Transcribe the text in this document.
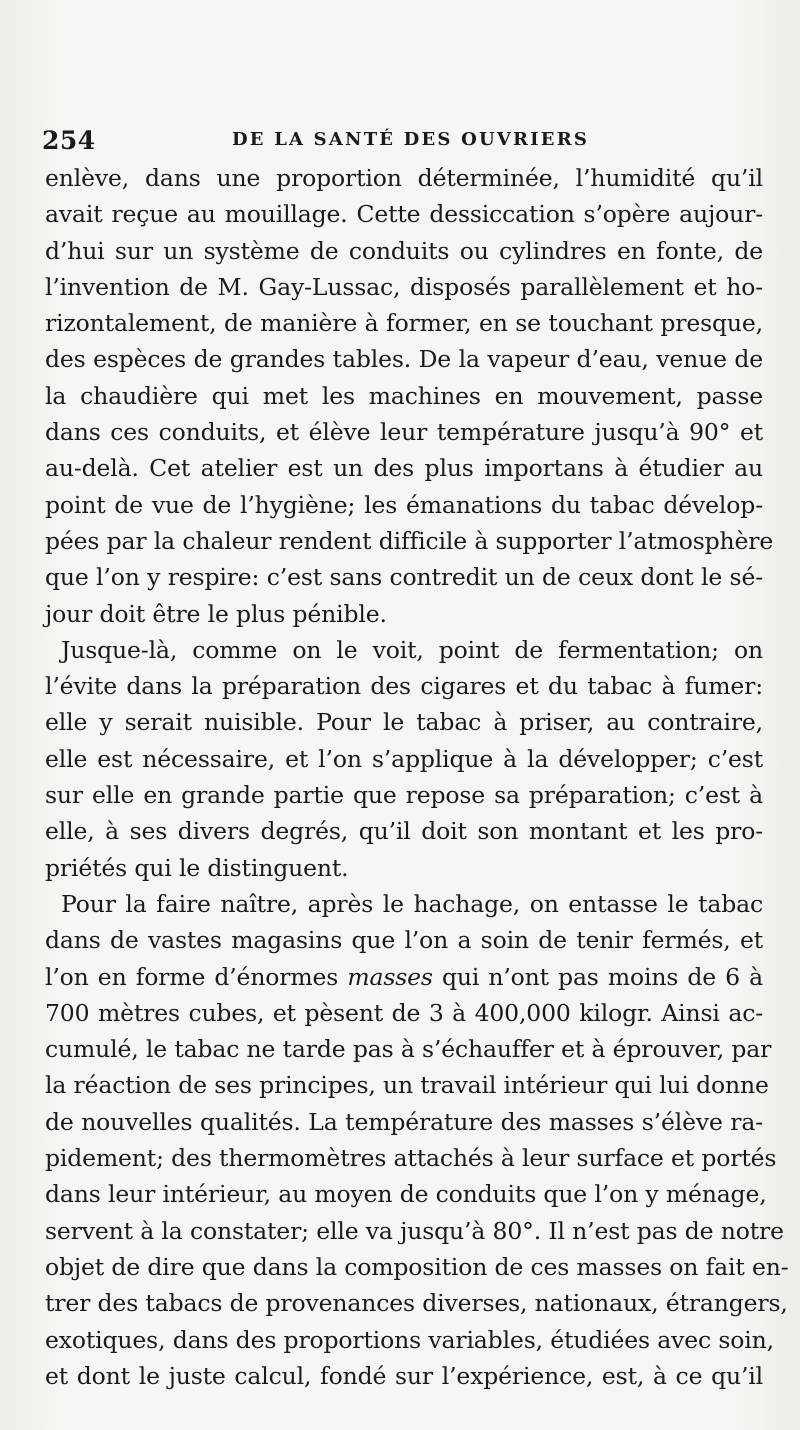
254	DE LA SANTÉ DES OUVRIERS
enlève, dans une proportion déterminée, l’humidité qu’il
avait reçue au mouillage. Cette dessiccation s’opère aujour-
d’hui sur un système de conduits ou cylindres en fonte, de
l’invention de M. Gay-Lussac, disposés parallèlement et ho-
rizontalement, de manière à former, en se touchant presque,
des espèces de grandes tables. De la vapeur d’eau, venue de
la chaudière qui met les machines en mouvement, passe
dans ces conduits, et élève leur température jusqu’à 90° et
au-delà. Cet atelier est un des plus importans à étudier au
point de vue de l’hygiène; les émanations du tabac dévelop-
pées par la chaleur rendent difficile à supporter l’atmosphère
que l’on y respire: c’est sans contredit un de ceux dont le sé-
jour doit être le plus pénible.
Jusque-là, comme on le voit, point de fermentation; on
l’évite dans la préparation des cigares et du tabac à fumer:
elle y serait nuisible. Pour le tabac à priser, au contraire,
elle est nécessaire, et l’on s’applique à la développer; c’est
sur elle en grande partie que repose sa préparation; c’est à
elle, à ses divers degrés, qu’il doit son montant et les pro-
priétés qui le distinguent.
Pour la faire naître, après le hachage, on entasse le tabac
dans de vastes magasins que l’on a soin de tenir fermés, et
l’on en forme d’énormes masses qui n’ont pas moins de 6 à
700 mètres cubes, et pèsent de 3 à 400,000 kilogr. Ainsi ac-
cumulé, le tabac ne tarde pas à s’échauffer et à éprouver, par
la réaction de ses principes, un travail intérieur qui lui donne
de nouvelles qualités. La température des masses s’élève ra-
pidement; des thermomètres attachés à leur surface et portés
dans leur intérieur, au moyen de conduits que l’on y ménage,
servent à la constater; elle va jusqu’à 80°. Il n’est pas de notre
objet de dire que dans la composition de ces masses on fait en-
trer des tabacs de provenances diverses, nationaux, étrangers,
exotiques, dans des proportions variables, étudiées avec soin,
et dont le juste calcul, fondé sur l’expérience, est, à ce qu’il
